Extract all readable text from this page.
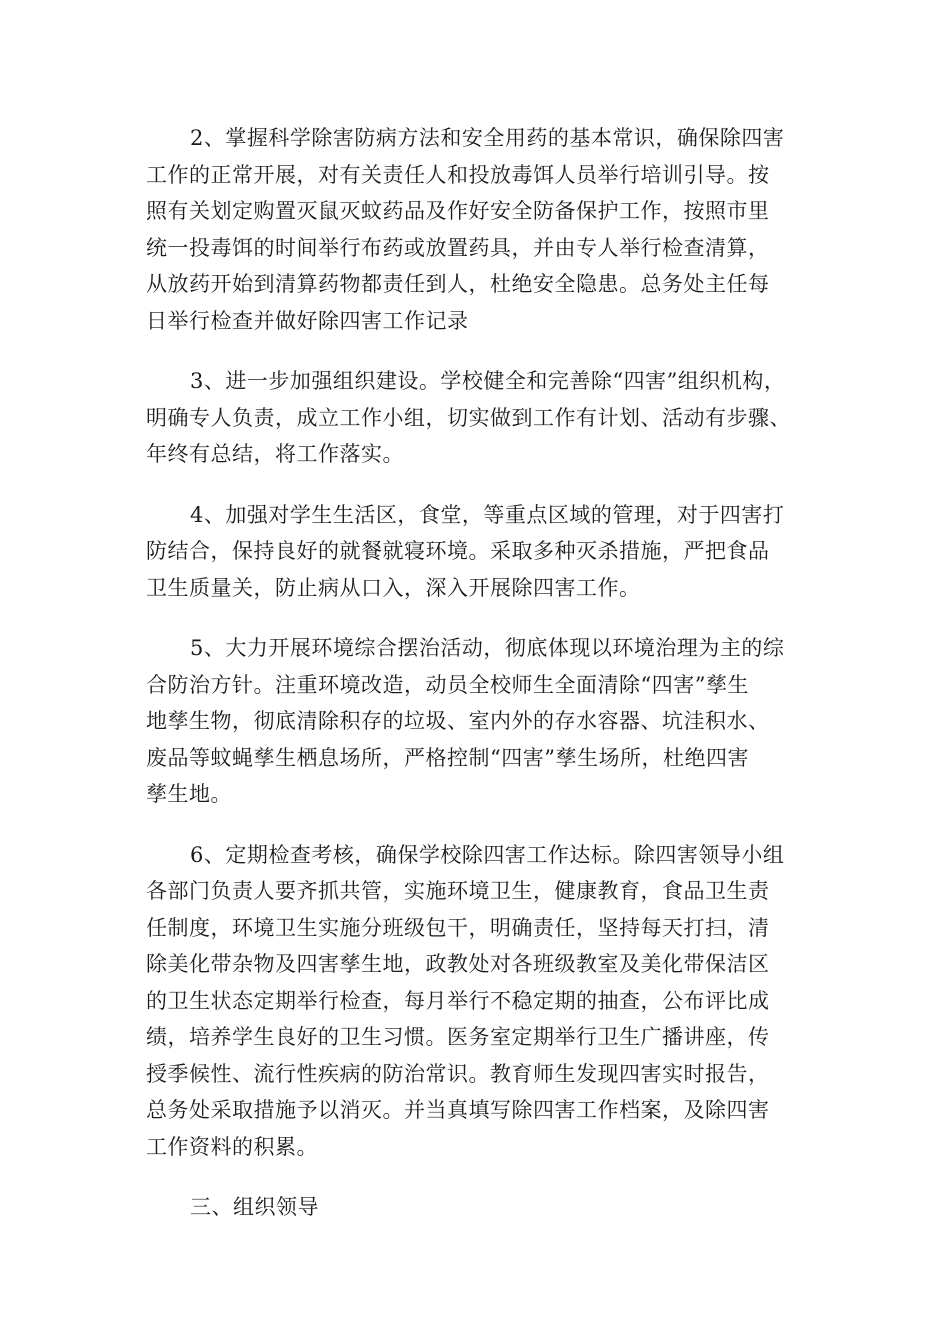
2、掌握科学除害防病方法和安全用药的基本常识，确保除四害
工作的正常开展，对有关责任人和投放毒饵人员举行培训引导。按
照有关划定购置灭鼠灭蚊药品及作好安全防备保护工作，按照市里
统一投毒饵的时间举行布药或放置药具，并由专人举行检查清算，
从放药开始到清算药物都责任到人，杜绝安全隐患。总务处主任每
日举行检查并做好除四害工作记录
3、进一步加强组织建设。学校健全和完善除“四害”组织机构，
明确专人负责，成立工作小组，切实做到工作有计划、活动有步骤、
年终有总结，将工作落实。
4、加强对学生生活区，食堂，等重点区域的管理，对于四害打
防结合，保持良好的就餐就寝环境。采取多种灭杀措施，严把食品
卫生质量关，防止病从口入，深入开展除四害工作。
5、大力开展环境综合摆治活动，彻底体现以环境治理为主的综
合防治方针。注重环境改造，动员全校师生全面清除“四害”孳生
地孳生物，彻底清除积存的垃圾、室内外的存水容器、坑洼积水、
废品等蚊蝇孳生栖息场所，严格控制“四害”孳生场所，杜绝四害
孳生地。
6、定期检查考核，确保学校除四害工作达标。除四害领导小组
各部门负责人要齐抓共管，实施环境卫生，健康教育，食品卫生责
任制度，环境卫生实施分班级包干，明确责任，坚持每天打扫，清
除美化带杂物及四害孳生地，政教处对各班级教室及美化带保洁区
的卫生状态定期举行检查，每月举行不稳定期的抽查，公布评比成
绩，培养学生良好的卫生习惯。医务室定期举行卫生广播讲座，传
授季候性、流行性疾病的防治常识。教育师生发现四害实时报告，
总务处采取措施予以消灭。并当真填写除四害工作档案，及除四害
工作资料的积累。
三、组织领导
